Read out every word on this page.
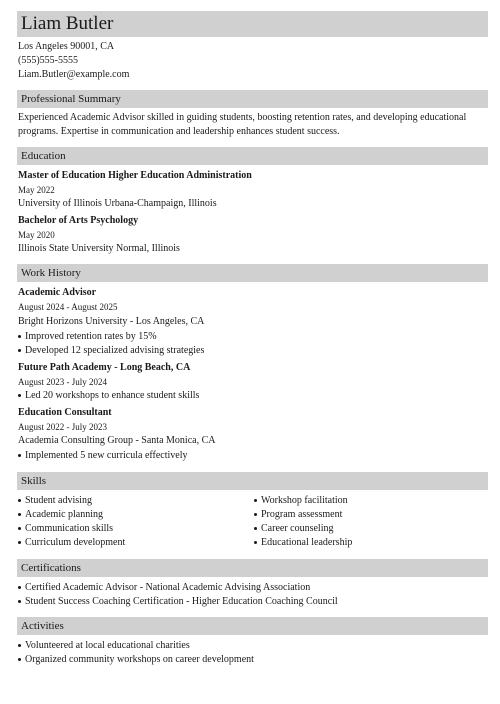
Liam Butler
Los Angeles 90001, CA
(555)555-5555
Liam.Butler@example.com
Professional Summary
Experienced Academic Advisor skilled in guiding students, boosting retention rates, and developing educational programs. Expertise in communication and leadership enhances student success.
Education
Master of Education Higher Education Administration
May 2022
University of Illinois Urbana-Champaign, Illinois
Bachelor of Arts Psychology
May 2020
Illinois State University Normal, Illinois
Work History
Academic Advisor
August 2024 - August 2025
Bright Horizons University - Los Angeles, CA
Improved retention rates by 15%
Developed 12 specialized advising strategies
Future Path Academy - Long Beach, CA
August 2023 - July 2024
Led 20 workshops to enhance student skills
Education Consultant
August 2022 - July 2023
Academia Consulting Group - Santa Monica, CA
Implemented 5 new curricula effectively
Skills
Student advising
Academic planning
Communication skills
Curriculum development
Workshop facilitation
Program assessment
Career counseling
Educational leadership
Certifications
Certified Academic Advisor - National Academic Advising Association
Student Success Coaching Certification - Higher Education Coaching Council
Activities
Volunteered at local educational charities
Organized community workshops on career development
